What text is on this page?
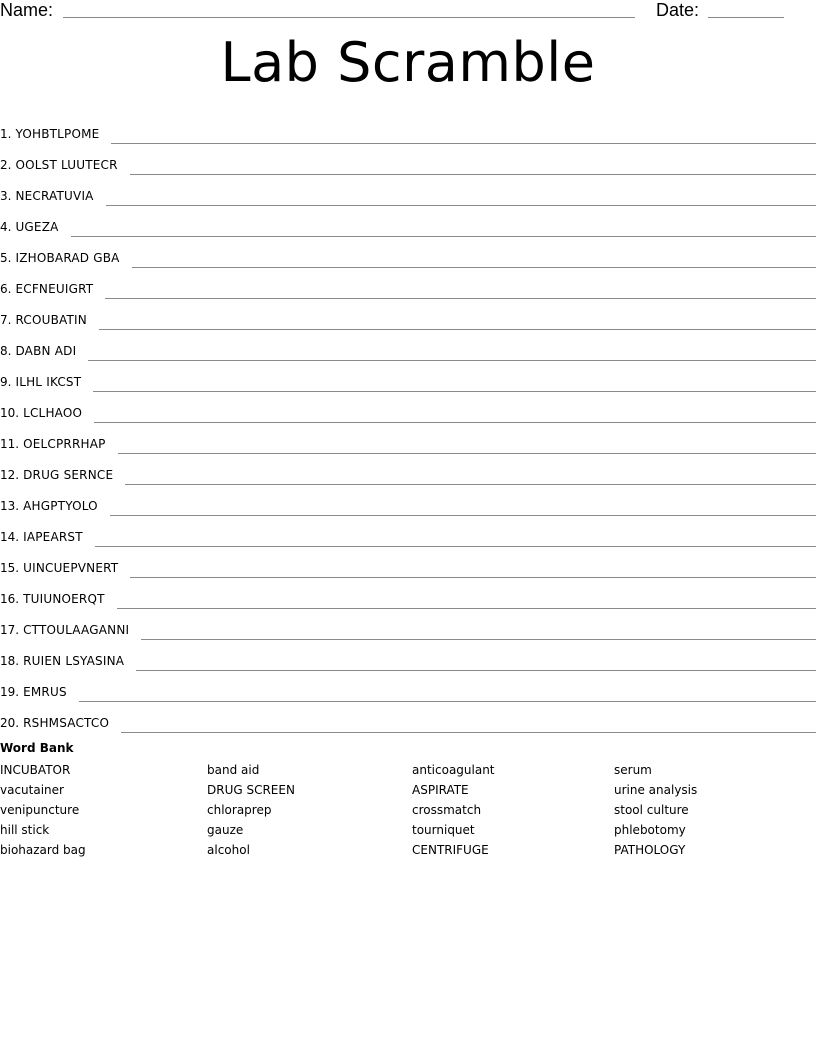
Name:	Date:
Lab Scramble
1. YOHBTLPOME
2. OOLST LUUTECR
3. NECRATUVIA
4. UGEZA
5. IZHOBARAD GBA
6. ECFNEUIGRT
7. RCOUBATIN
8. DABN ADI
9. ILHL IKCST
10. LCLHAOO
11. OELCPRRHAP
12. DRUG SERNCE
13. AHGPTYOLO
14. IAPEARST
15. UINCUEPVNERT
16. TUIUNOERQT
17. CTTOULAAGANNI
18. RUIEN LSYASINA
19. EMRUS
20. RSHMSACTCO
Word Bank
INCUBATOR
vacutainer
venipuncture
hill stick
biohazard bag
band aid
DRUG SCREEN
chloraprep
gauze
alcohol
anticoagulant
ASPIRATE
crossmatch
tourniquet
CENTRIFUGE
serum
urine analysis
stool culture
phlebotomy
PATHOLOGY
